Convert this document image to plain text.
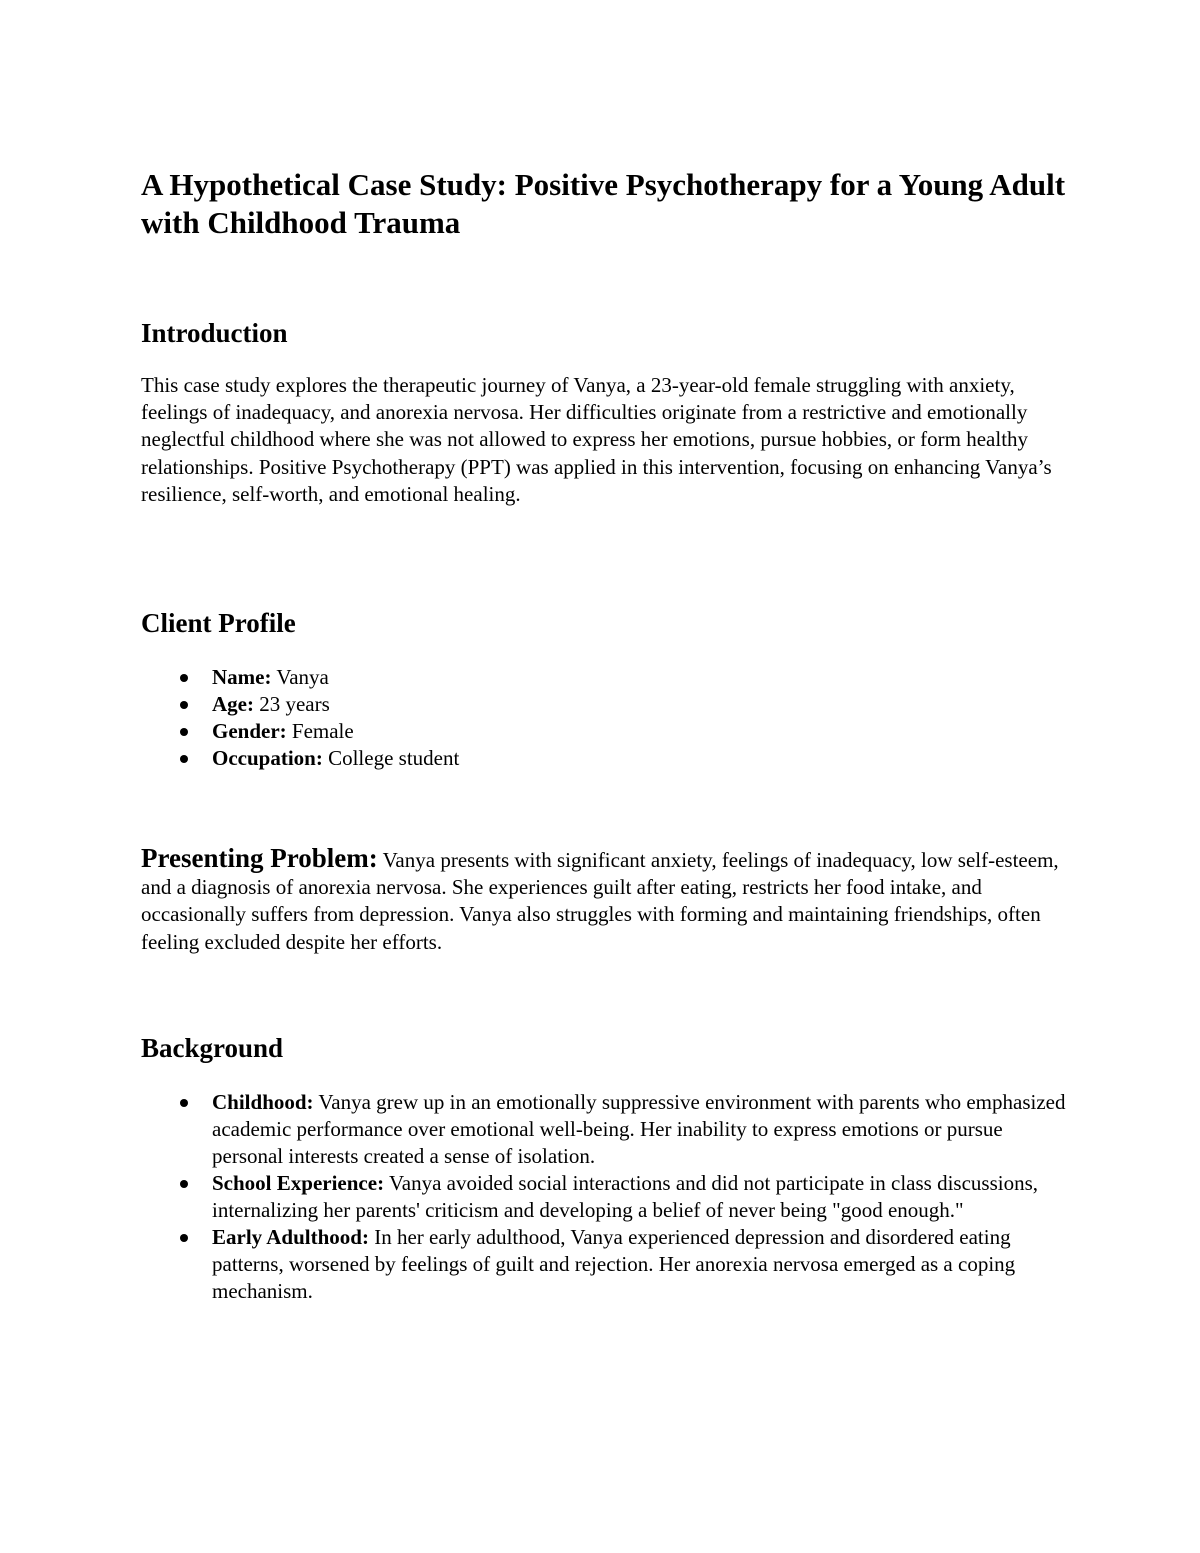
A Hypothetical Case Study: Positive Psychotherapy for a Young Adult with Childhood Trauma
Introduction

This case study explores the therapeutic journey of Vanya, a 23-year-old female struggling with anxiety, feelings of inadequacy, and anorexia nervosa. Her difficulties originate from a restrictive and emotionally neglectful childhood where she was not allowed to express her emotions, pursue hobbies, or form healthy relationships. Positive Psychotherapy (PPT) was applied in this intervention, focusing on enhancing Vanya’s resilience, self-worth, and emotional healing.

Client Profile
Name: Vanya
Age: 23 years
Gender: Female
Occupation: College student

Presenting Problem: Vanya presents with significant anxiety, feelings of inadequacy, low self-esteem, and a diagnosis of anorexia nervosa. She experiences guilt after eating, restricts her food intake, and occasionally suffers from depression. Vanya also struggles with forming and maintaining friendships, often feeling excluded despite her efforts.

Background
Childhood: Vanya grew up in an emotionally suppressive environment with parents who emphasized academic performance over emotional well-being. Her inability to express emotions or pursue personal interests created a sense of isolation.
School Experience: Vanya avoided social interactions and did not participate in class discussions, internalizing her parents' criticism and developing a belief of never being "good enough."
Early Adulthood: In her early adulthood, Vanya experienced depression and disordered eating patterns, worsened by feelings of guilt and rejection. Her anorexia nervosa emerged as a coping mechanism.
